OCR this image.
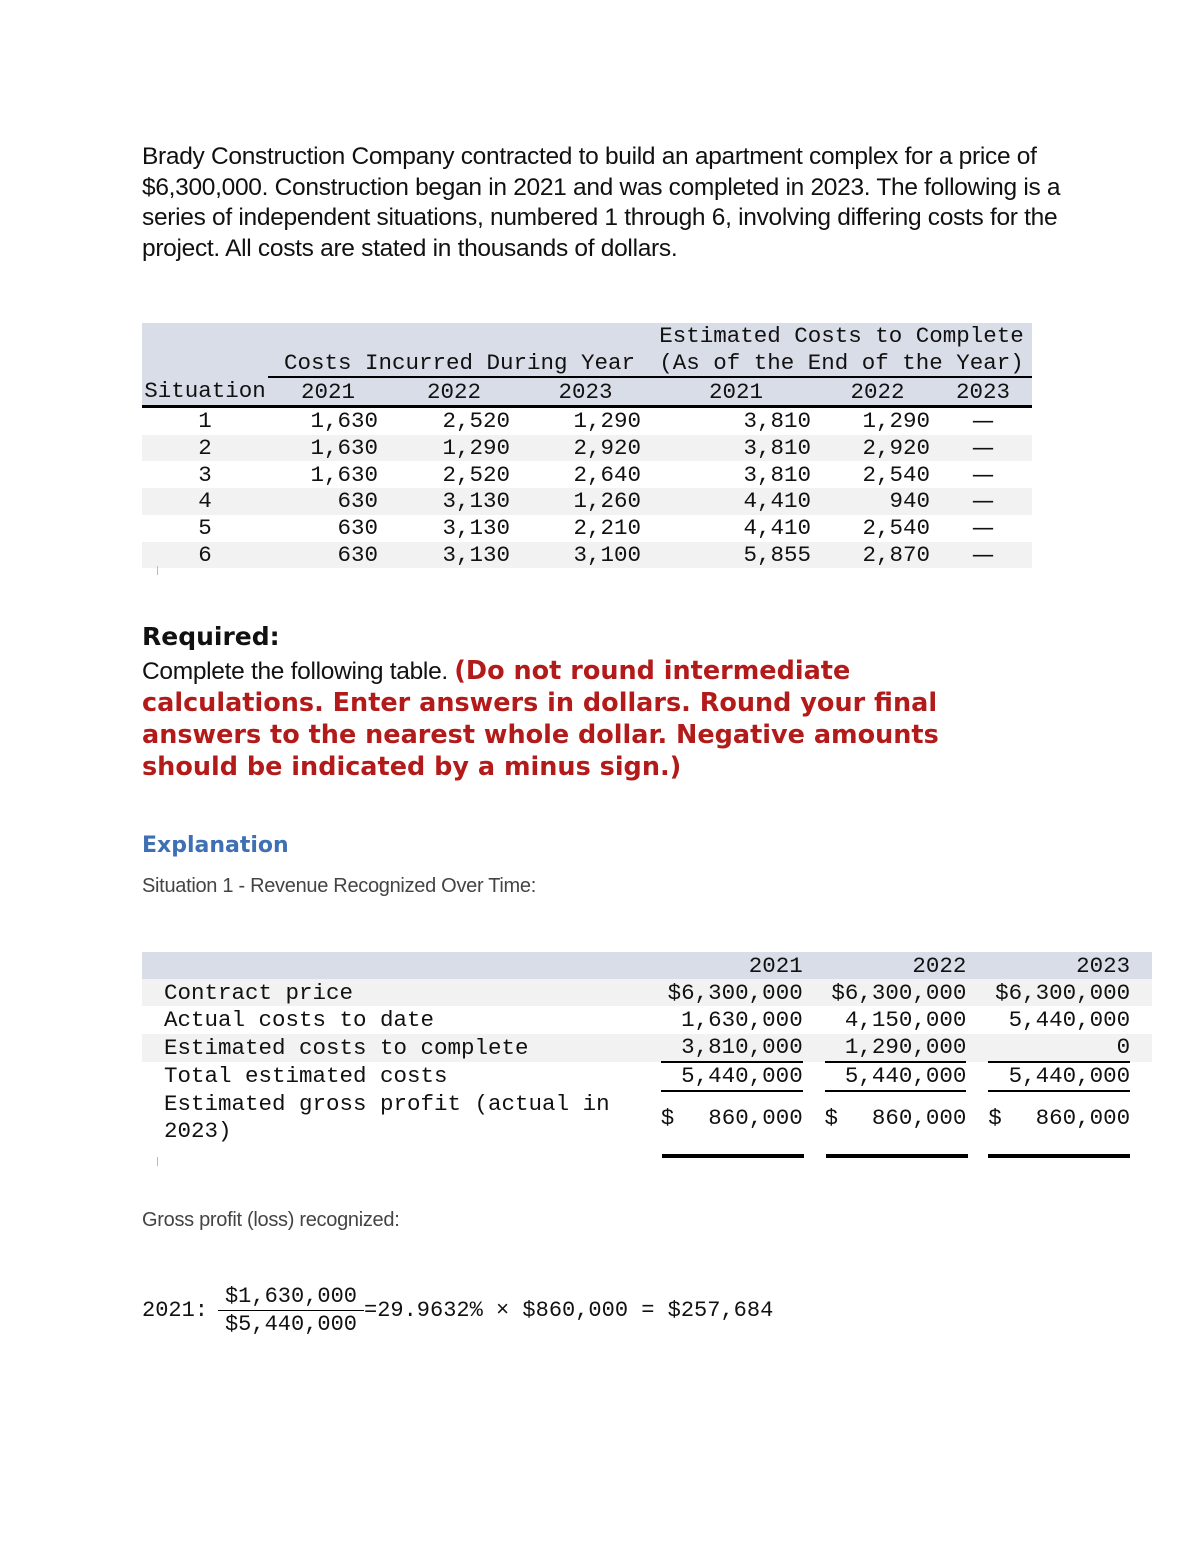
Brady Construction Company contracted to build an apartment complex for a price of $6,300,000. Construction began in 2021 and was completed in 2023. The following is a series of independent situations, numbered 1 through 6, involving differing costs for the project. All costs are stated in thousands of dollars.

				Estimated Costs to Complete		
	Costs Incurred During Year			(As of the End of the Year)		
Situation	2021	2022	2023	2021	2022	2023
1	1,630	2,520	1,290	3,810	1,290	—
2	1,630	1,290	2,920	3,810	2,920	—
3	1,630	2,520	2,640	3,810	2,540	—
4	630	3,130	1,260	4,410	940	—
5	630	3,130	2,210	4,410	2,540	—
6	630	3,130	3,100	5,855	2,870	—

Required:

Complete the following table. (Do not round intermediate calculations. Enter answers in dollars. Round your final answers to the nearest whole dollar. Negative amounts should be indicated by a minus sign.)

Explanation

Situation 1 - Revenue Recognized Over Time:

	2021		2022		2023	
Contract price	$6,300,000		$6,300,000		$6,300,000	
Actual costs to date	1,630,000		4,150,000		5,440,000	
Estimated costs to complete	3,810,000		1,290,000		0	
Total estimated costs	5,440,000		5,440,000		5,440,000	
Estimated gross profit (actual in 2023)	$ 860,000		$ 860,000		$ 860,000	

Gross profit (loss) recognized:

2021: $\frac{\$1,630,000}{\$5,440,000} =29.9632\%$ × $860,000 = $257,684
